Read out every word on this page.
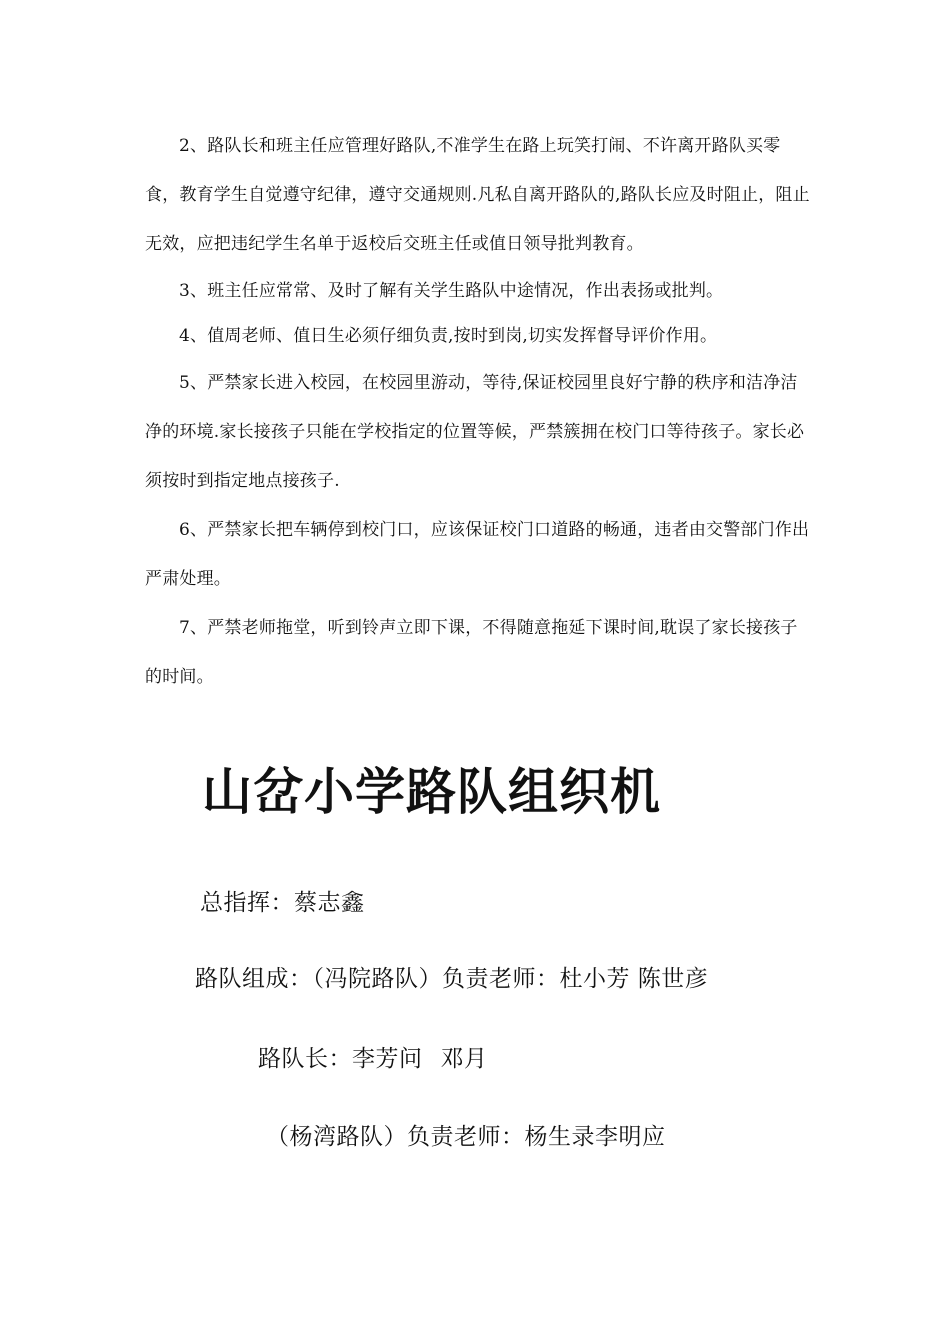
2、路队长和班主任应管理好路队,不准学生在路上玩笑打闹、不许离开路队买零食，教育学生自觉遵守纪律，遵守交通规则.凡私自离开路队的,路队长应及时阻止，阻止无效，应把违纪学生名单于返校后交班主任或值日领导批判教育。

3、班主任应常常、及时了解有关学生路队中途情况，作出表扬或批判。

4、值周老师、值日生必须仔细负责,按时到岗,切实发挥督导评价作用。

5、严禁家长进入校园，在校园里游动，等待,保证校园里良好宁静的秩序和洁净洁净的环境.家长接孩子只能在学校指定的位置等候，严禁簇拥在校门口等待孩子。家长必须按时到指定地点接孩子.

6、严禁家长把车辆停到校门口，应该保证校门口道路的畅通，违者由交警部门作出严肃处理。

7、严禁老师拖堂，听到铃声立即下课，不得随意拖延下课时间,耽误了家长接孩子的时间。

山岔小学路队组织机

总指挥：蔡志鑫

路队组成：（冯院路队）负责老师：杜小芳 陈世彦

路队长：李芳问 邓月

（杨湾路队）负责老师：杨生录李明应
